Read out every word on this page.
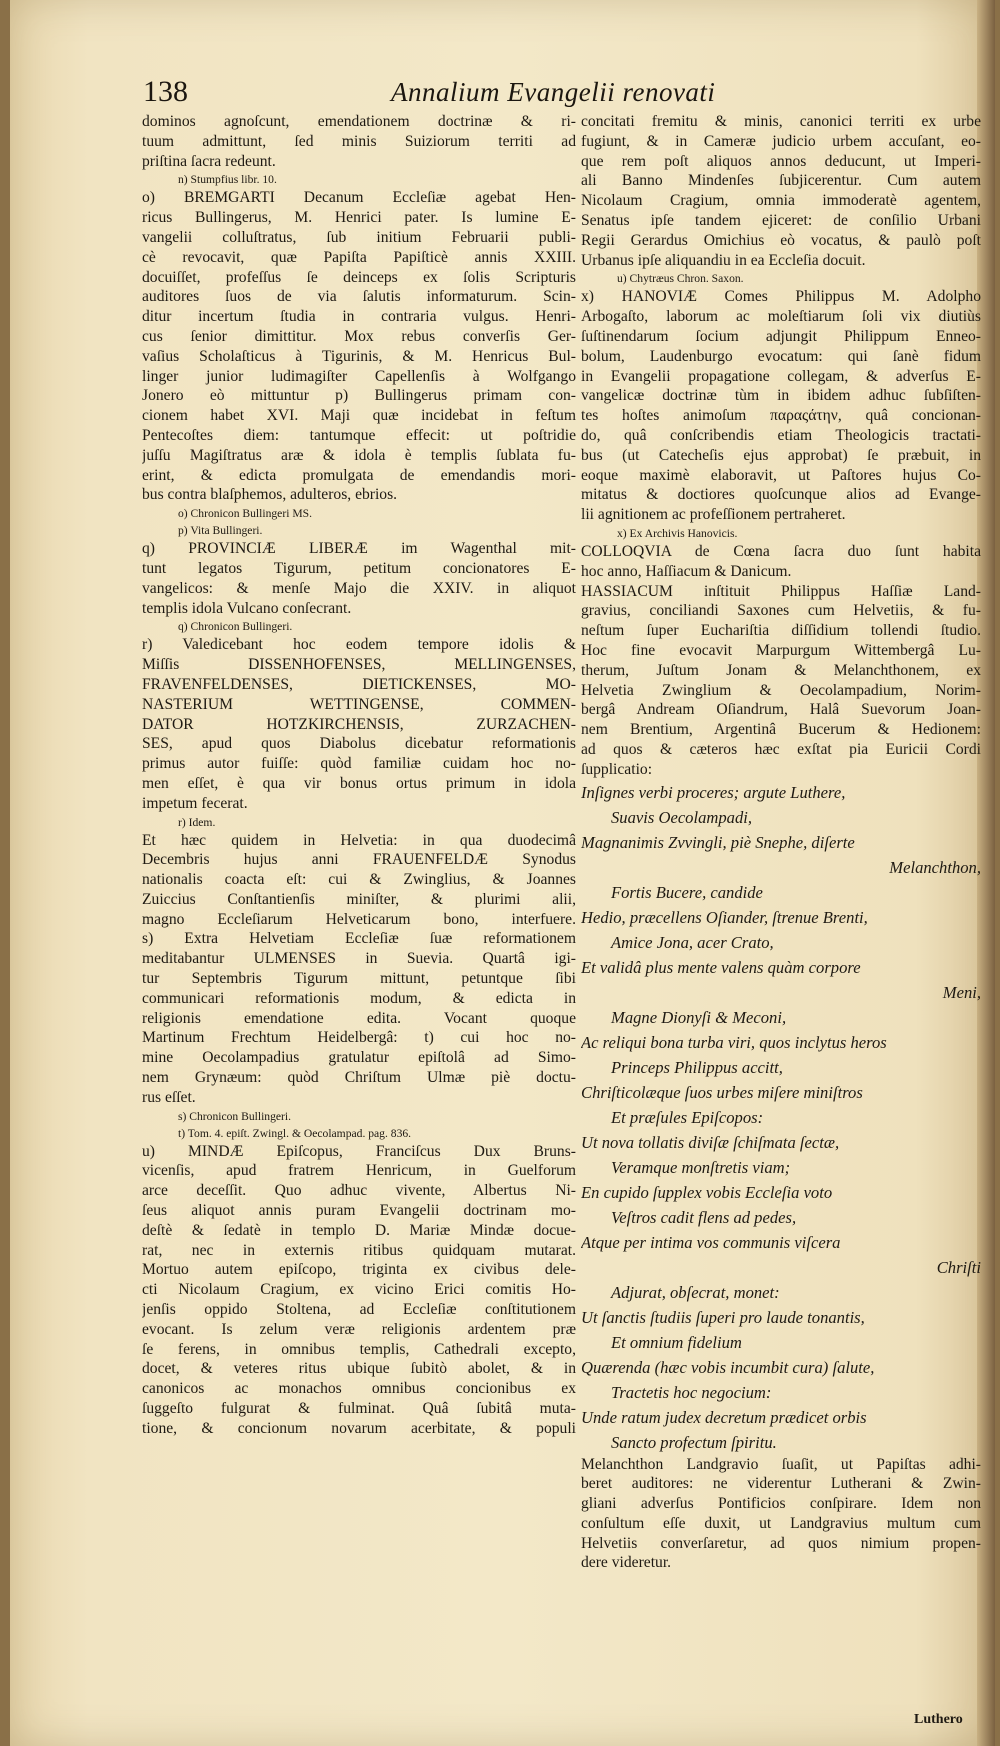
138	Annalium Evangelii renovati
dominos agnoſcunt, emendationem doctrinæ & ri-
tuum admittunt, ſed minis Suiziorum territi ad
priſtina ſacra redeunt.
n) Stumpfius libr. 10.
o) BREMGARTI Decanum Eccleſiæ agebat Hen-
ricus Bullingerus, M. Henrici pater. Is lumine E-
vangelii colluſtratus, ſub initium Februarii publi-
cè revocavit, quæ Papiſta Papiſticè annis XXIII.
docuiſſet, profeſſus ſe deinceps ex ſolis Scripturis
auditores ſuos de via ſalutis informaturum. Scin-
ditur incertum ſtudia in contraria vulgus. Henri-
cus ſenior dimittitur. Mox rebus converſis Ger-
vaſius Scholaſticus à Tigurinis, & M. Henricus Bul-
linger junior ludimagiſter Capellenſis à Wolfgango
Jonero eò mittuntur p) Bullingerus primam con-
cionem habet XVI. Maji quæ incidebat in feſtum
Pentecoſtes diem: tantumque effecit: ut poſtridie
juſſu Magiſtratus aræ & idola è templis ſublata fu-
erint, & edicta promulgata de emendandis mori-
bus contra blaſphemos, adulteros, ebrios.
o) Chronicon Bullingeri MS.
p) Vita Bullingeri.
q) PROVINCIÆ LIBERÆ im Wagenthal mit-
tunt legatos Tigurum, petitum concionatores E-
vangelicos: & menſe Majo die XXIV. in aliquot
templis idola Vulcano conſecrant.
q) Chronicon Bullingeri.
r) Valedicebant hoc eodem tempore idolis &
Miſſis DISSENHOFENSES, MELLINGENSES,
FRAVENFELDENSES, DIETICKENSES, MO-
NASTERIUM WETTINGENSE, COMMEN-
DATOR HOTZKIRCHENSIS, ZURZACHEN-
SES, apud quos Diabolus dicebatur reformationis
primus autor fuiſſe: quòd familiæ cuidam hoc no-
men eſſet, è qua vir bonus ortus primum in idola
impetum fecerat.
r) Idem.
Et hæc quidem in Helvetia: in qua duodecimâ
Decembris hujus anni FRAUENFELDÆ Synodus
nationalis coacta eſt: cui & Zwinglius, & Joannes
Zuiccius Conſtantienſis miniſter, & plurimi alii,
magno Eccleſiarum Helveticarum bono, interfuere.
s) Extra Helvetiam Eccleſiæ ſuæ reformationem
meditabantur ULMENSES in Suevia. Quartâ igi-
tur Septembris Tigurum mittunt, petuntque ſibi
communicari reformationis modum, & edicta in
religionis emendatione edita. Vocant quoque
Martinum Frechtum Heidelbergâ: t) cui hoc no-
mine Oecolampadius gratulatur epiſtolâ ad Simo-
nem Grynæum: quòd Chriſtum Ulmæ piè doctu-
rus eſſet.
s) Chronicon Bullingeri.
t) Tom. 4. epiſt. Zwingl. & Oecolampad. pag. 836.
u) MINDÆ Epiſcopus, Franciſcus Dux Bruns-
vicenſis, apud fratrem Henricum, in Guelforum
arce deceſſit. Quo adhuc vivente, Albertus Ni-
ſeus aliquot annis puram Evangelii doctrinam mo-
deſtè & ſedatè in templo D. Mariæ Mindæ docue-
rat, nec in externis ritibus quidquam mutarat.
Mortuo autem epiſcopo, triginta ex civibus dele-
cti Nicolaum Cragium, ex vicino Erici comitis Ho-
jenſis oppido Stoltena, ad Eccleſiæ conſtitutionem
evocant. Is zelum veræ religionis ardentem præ
ſe ferens, in omnibus templis, Cathedrali excepto,
docet, & veteres ritus ubique ſubitò abolet, & in
canonicos ac monachos omnibus concionibus ex
ſuggeſto fulgurat & fulminat. Quâ ſubitâ muta-
tione, & concionum novarum acerbitate, & populi
concitati fremitu & minis, canonici territi ex urbe
fugiunt, & in Cameræ judicio urbem accuſant, eo-
que rem poſt aliquos annos deducunt, ut Imperi-
ali Banno Mindenſes ſubjicerentur. Cum autem
Nicolaum Cragium, omnia immoderatè agentem,
Senatus ipſe tandem ejiceret: de conſilio Urbani
Regii Gerardus Omichius eò vocatus, & paulò poſt
Urbanus ipſe aliquandiu in ea Eccleſia docuit.
u) Chytræus Chron. Saxon.
x) HANOVIÆ Comes Philippus M. Adolpho
Arbogaſto, laborum ac moleſtiarum ſoli vix diutiùs
ſuſtinendarum ſocium adjungit Philippum Enneo-
bolum, Laudenburgo evocatum: qui ſanè fidum
in Evangelii propagatione collegam, & adverſus E-
vangelicæ doctrinæ tùm in ibidem adhuc ſubſiſten-
tes hoſtes animoſum παραςάτην, quâ concionan-
do, quâ conſcribendis etiam Theologicis tractati-
bus (ut Catecheſis ejus approbat) ſe præbuit, in
eoque maximè elaboravit, ut Paſtores hujus Co-
mitatus & doctiores quoſcunque alios ad Evange-
lii agnitionem ac profeſſionem pertraheret.
x) Ex Archivis Hanovicis.
COLLOQVIA de Cœna ſacra duo ſunt habita
hoc anno, Haſſiacum & Danicum.
HASSIACUM inſtituit Philippus Haſſiæ Land-
gravius, conciliandi Saxones cum Helvetiis, & fu-
neſtum ſuper Euchariſtia diſſidium tollendi ſtudio.
Hoc fine evocavit Marpurgum Wittembergâ Lu-
therum, Juſtum Jonam & Melanchthonem, ex
Helvetia Zwinglium & Oecolampadium, Norim-
bergâ Andream Oſiandrum, Halâ Suevorum Joan-
nem Brentium, Argentinâ Bucerum & Hedionem:
ad quos & cæteros hæc exſtat pia Euricii Cordi
ſupplicatio:
Inſignes verbi proceres; argute Luthere,
Suavis Oecolampadi,
Magnanimis Zvvingli, piè Snephe, diſerte
Melanchthon,
Fortis Bucere, candide
Hedio, præcellens Oſiander, ſtrenue Brenti,
Amice Jona, acer Crato,
Et validâ plus mente valens quàm corpore
Meni,
Magne Dionyſi & Meconi,
Ac reliqui bona turba viri, quos inclytus heros
Princeps Philippus accitt,
Chriſticolæque ſuos urbes miſere miniſtros
Et præſules Epiſcopos:
Ut nova tollatis diviſæ ſchiſmata ſectæ,
Veramque monſtretis viam;
En cupido ſupplex vobis Eccleſia voto
Veſtros cadit flens ad pedes,
Atque per intima vos communis viſcera
Chriſti
Adjurat, obſecrat, monet:
Ut ſanctis ſtudiis ſuperi pro laude tonantis,
Et omnium fidelium
Quærenda (hæc vobis incumbit cura) ſalute,
Tractetis hoc negocium:
Unde ratum judex decretum prædicet orbis
Sancto profectum ſpiritu.
Melanchthon Landgravio ſuaſit, ut Papiſtas adhi-
beret auditores: ne viderentur Lutherani & Zwin-
gliani adverſus Pontificios conſpirare. Idem non
conſultum eſſe duxit, ut Landgravius multum cum
Helvetiis converſaretur, ad quos nimium propen-
dere videretur.
Luthero
